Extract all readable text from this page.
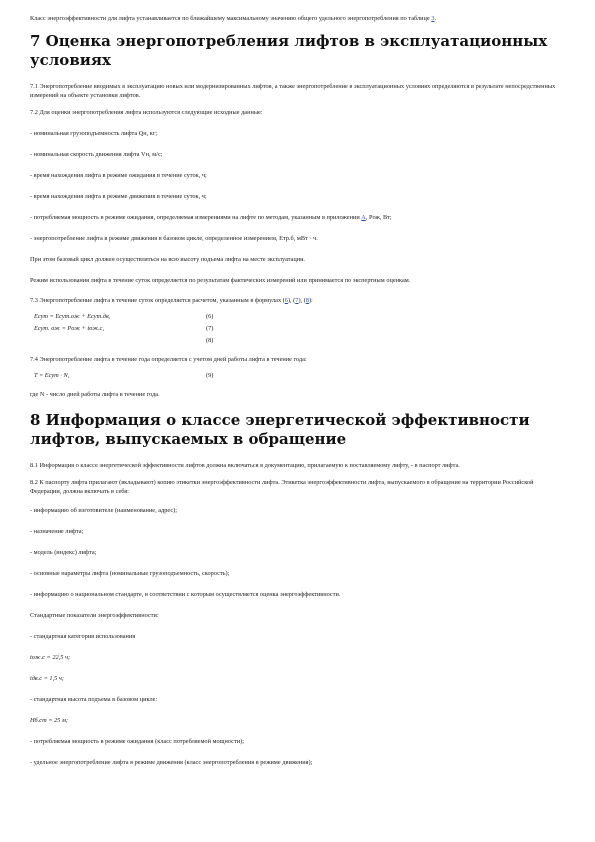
Класс энергоэффективности для лифта устанавливается по ближайшему максимальному значению общего удельного энергопотребления по таблице 3.

7 Оценка энергопотребления лифтов в эксплуатационных условиях

7.1 Энергопотребление вводимых в эксплуатацию новых или модернизированных лифтов, а также энергопотребление в эксплуатационных условиях определяются в результате непосредственных измерений на объекте установки лифтов.

7.2 Для оценки энергопотребления лифта используются следующие исходные данные:

- номинальная грузоподъемность лифта Qн, кг;

- номинальная скорость движения лифта Vн, м/с;

- время нахождения лифта в режиме ожидания в течение суток, ч;

- время нахождения лифта в режиме движения в течение суток, ч;

- потребляемая мощность в режиме ожидания, определяемая измерениями на лифте по методам, указанным в приложении А, Pож, Вт;

- энергопотребление лифта в режиме движения в базовом цикле, определенное измерением, Eтр.б, мВт · ч.

При этом базовый цикл должен осуществляться на всю высоту подъема лифта на месте эксплуатации.

Режим использования лифта в течение суток определяется по результатам фактических измерений или принимается по экспертным оценкам.

7.3 Энергопотребление лифта в течение суток определяется расчетом, указанным в формулах (6), (7), (8):

Eсут = Eсут.ож + Eсут.дв,	(6)
Eсут. ож = Pож + tож.с,	(7)
(8)

7.4 Энергопотребление лифта в течение года определяется с учетом дней работы лифта в течение года:

T = Eсут · N,	(9)

где N - число дней работы лифта в течение года.

8 Информация о классе энергетической эффективности лифтов, выпускаемых в обращение

8.1 Информация о классе энергетической эффективности лифтов должна включаться в документацию, прилагаемую к поставляемому лифту, - в паспорт лифта.

8.2 К паспорту лифта прилагают (вкладывают) копию этикетки энергоэффективности лифта. Этикетка энергоэффективности лифта, выпускаемого в обращение на территории Российской Федерации, должна включать в себя:

- информацию об изготовителе (наименование, адрес);

- назначение лифта;

- модель (индекс) лифта;

- основные параметры лифта (номинальные грузоподъемность, скорость);

- информацию о национальном стандарте, в соответствии с которым осуществляется оценка энергоэффективности.

Стандартные показатели энергоэффективности:

- стандартная категория использования

tож.с = 22,5 ч;

tдв.с = 1,5 ч;

- стандартная высота подъема в базовом цикле:

Hб.ст = 25 м;

- потребляемая мощность в режиме ожидания (класс потребляемой мощности);

- удельное энергопотребление лифта в режиме движения (класс энергопотребления в режиме движения);
